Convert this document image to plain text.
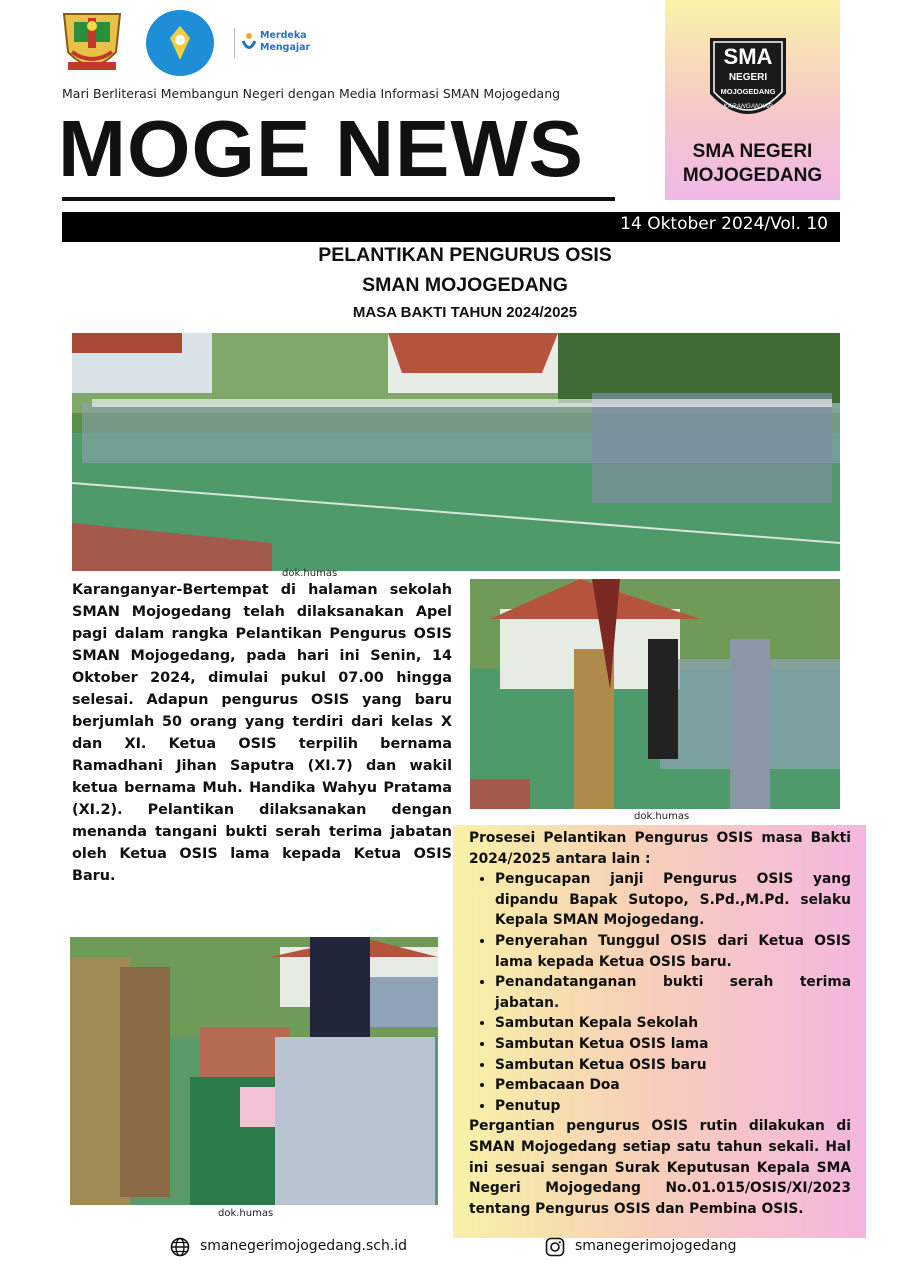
Merdeka Mengajar
Mari Berliterasi Membangun Negeri dengan Media Informasi SMAN Mojogedang
MOGE NEWS
SMA
NEGERI
MOJOGEDANG
KARANGANYAR
SMA NEGERI MOJOGEDANG
14 Oktober 2024/Vol. 10
PELANTIKAN PENGURUS OSIS
SMAN MOJOGEDANG
MASA BAKTI TAHUN 2024/2025
dok.humas
Karanganyar-Bertempat di halaman sekolah SMAN Mojogedang telah dilaksanakan Apel pagi dalam rangka Pelantikan Pengurus OSIS SMAN Mojogedang, pada hari ini Senin, 14 Oktober 2024, dimulai pukul 07.00 hingga selesai. Adapun pengurus OSIS yang baru berjumlah 50 orang yang terdiri dari kelas X dan XI. Ketua OSIS terpilih bernama Ramadhani Jihan Saputra (XI.7) dan wakil ketua bernama Muh. Handika Wahyu Pratama (XI.2). Pelantikan dilaksanakan dengan menanda tangani bukti serah terima jabatan oleh Ketua OSIS lama kepada Ketua OSIS Baru.
dok.humas
dok.humas

Prosesei Pelantikan Pengurus OSIS masa Bakti 2024/2025 antara lain :

• Pengucapan janji Pengurus OSIS yang dipandu Bapak Sutopo, S.Pd.,M.Pd. selaku Kepala SMAN Mojogedang.
• Penyerahan Tunggul OSIS dari Ketua OSIS lama kepada Ketua OSIS baru.
• Penandatanganan bukti serah terima jabatan.
• Sambutan Kepala Sekolah
• Sambutan Ketua OSIS lama
• Sambutan Ketua OSIS baru
• Pembacaan Doa
• Penutup

Pergantian pengurus OSIS rutin dilakukan di SMAN Mojogedang setiap satu tahun sekali. Hal ini sesuai sengan Surak Keputusan Kepala SMA Negeri Mojogedang No.01.015/OSIS/XI/2023 tentang Pengurus OSIS dan Pembina OSIS.

smanegerimojogedang.sch.id	smanegerimojogedang
